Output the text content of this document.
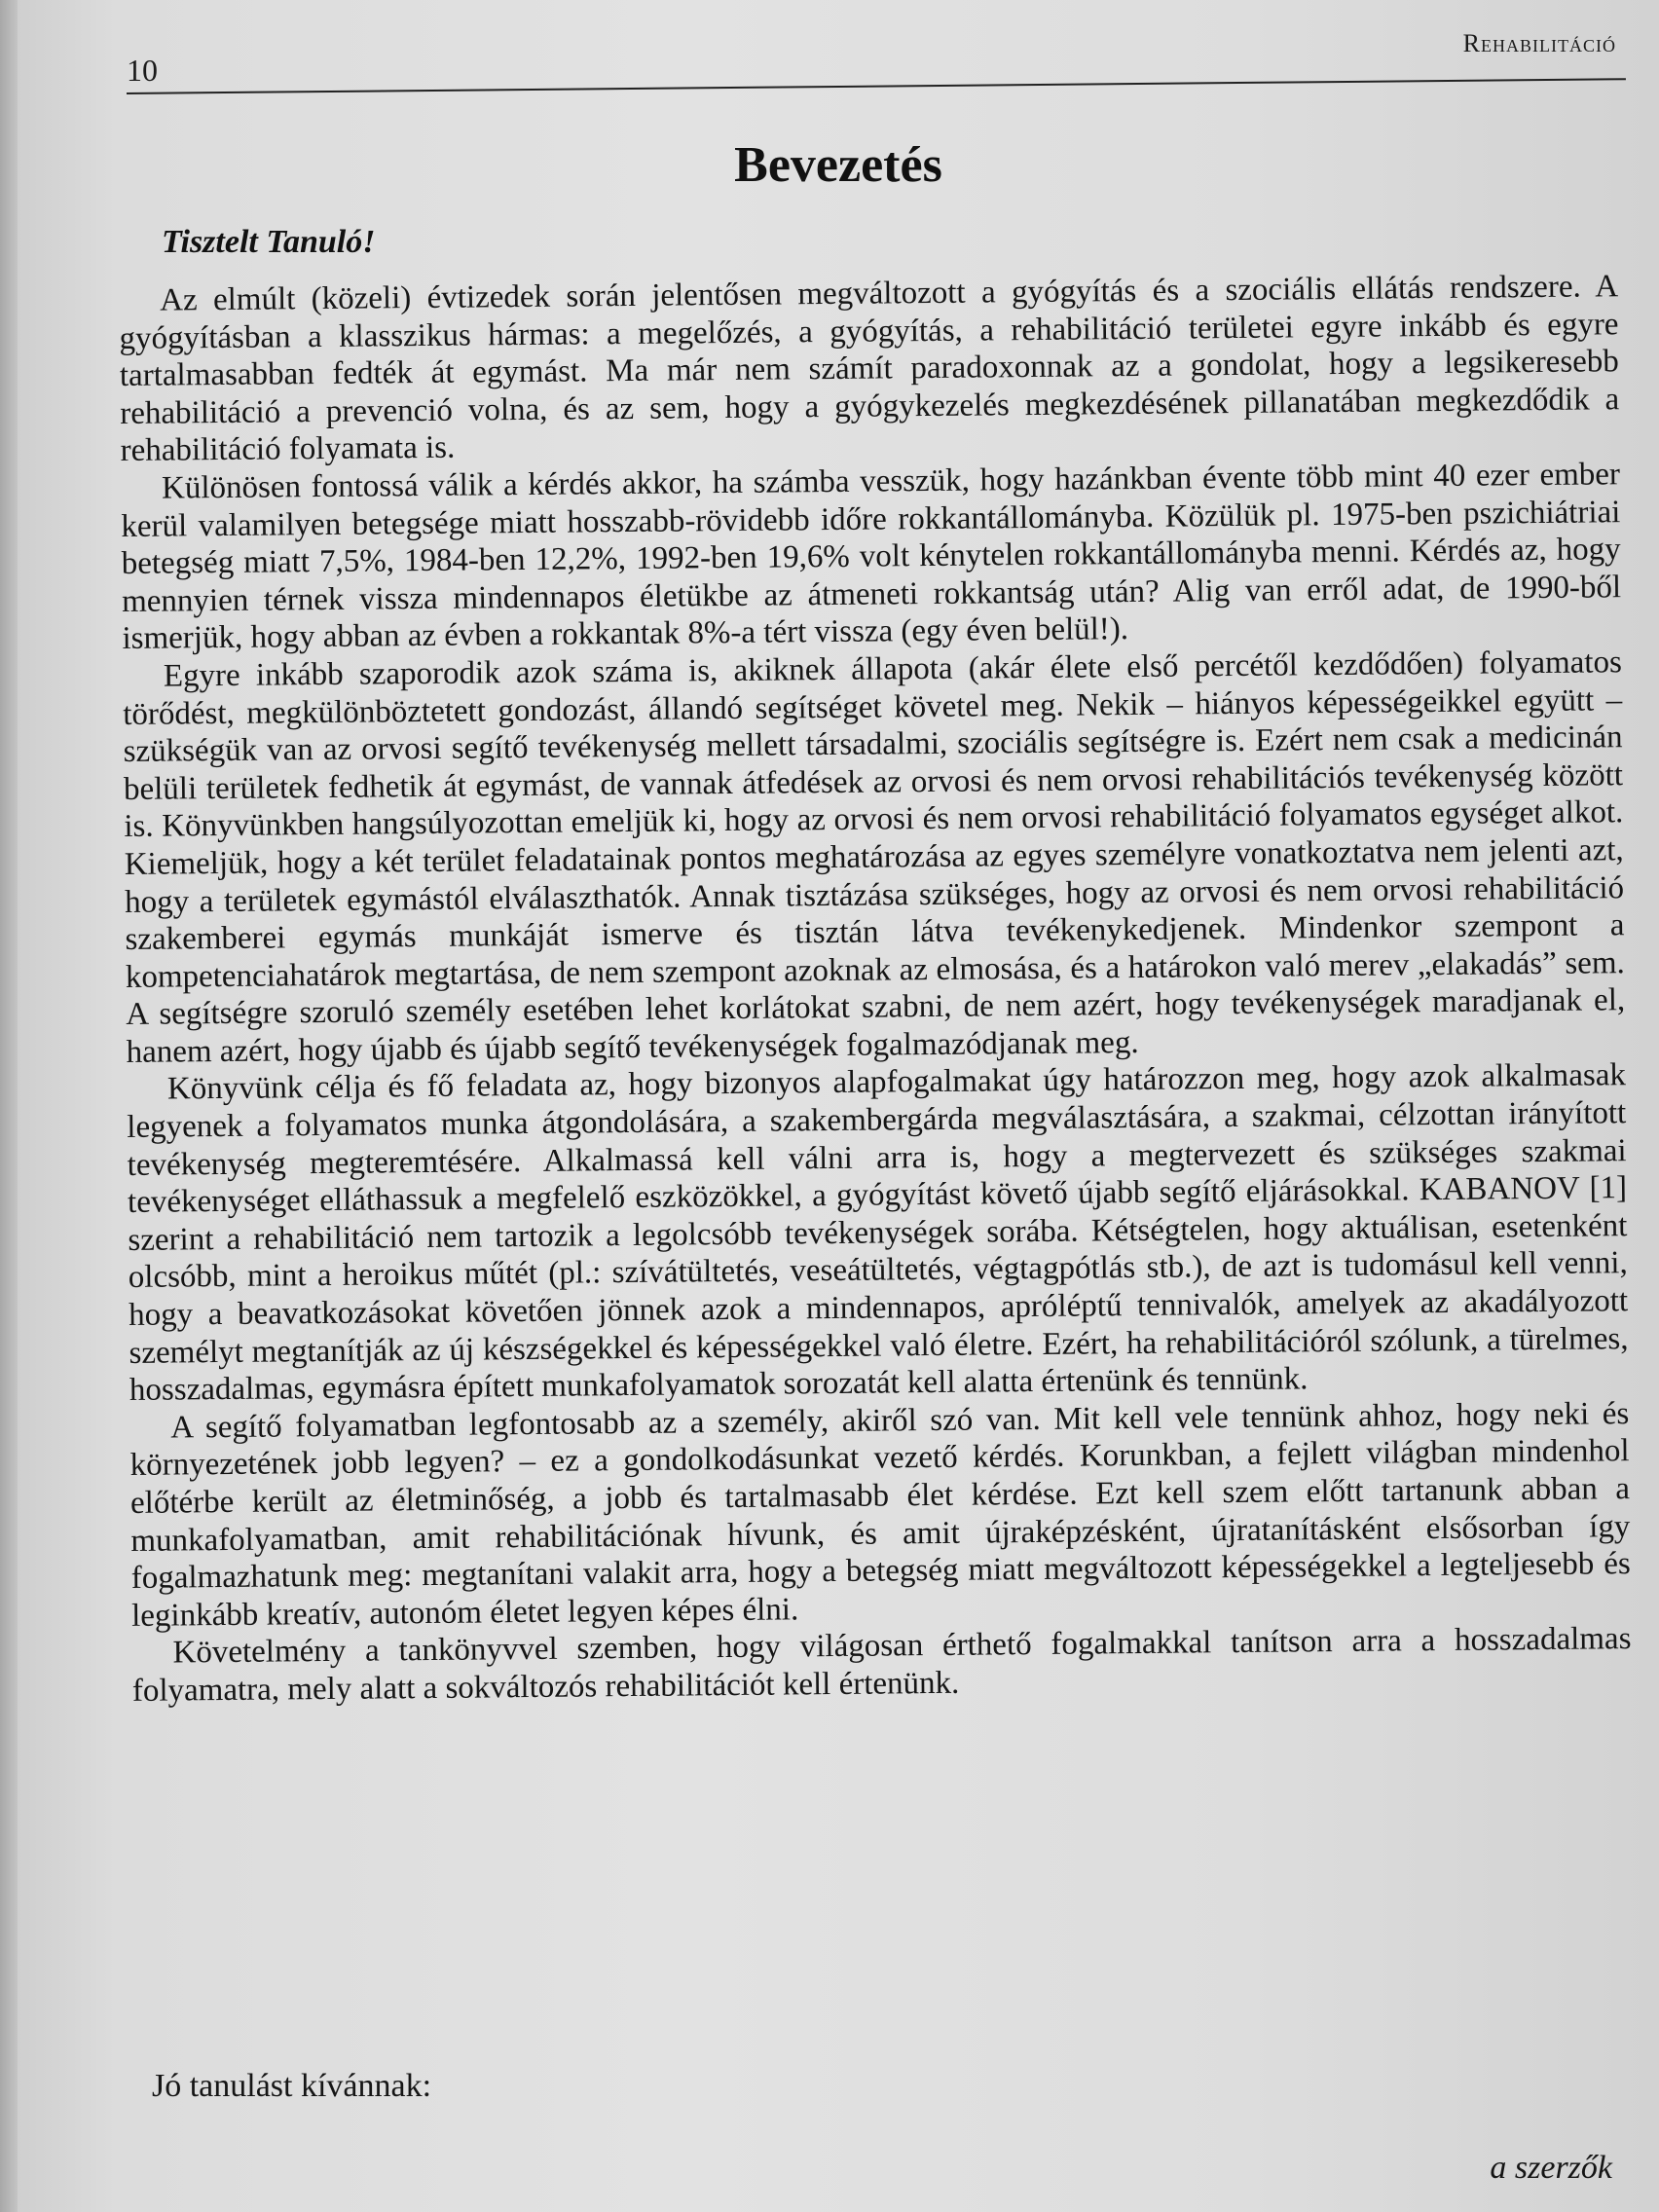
Rehabilitáció
10
Bevezetés
Tisztelt Tanuló!

Az elmúlt (közeli) évtizedek során jelentősen megváltozott a gyógyítás és a szociális ellátás rendszere. A gyógyításban a klasszikus hármas: a megelőzés, a gyógyítás, a rehabilitáció területei egyre inkább és egyre tartalmasabban fedték át egymást. Ma már nem számít paradoxonnak az a gondolat, hogy a legsikeresebb rehabilitáció a prevenció volna, és az sem, hogy a gyógykezelés megkezdésének pillanatában megkezdődik a rehabilitáció folyamata is.

Különösen fontossá válik a kérdés akkor, ha számba vesszük, hogy hazánkban évente több mint 40 ezer ember kerül valamilyen betegsége miatt hosszabb-rövidebb időre rokkantállományba. Közülük pl. 1975-ben pszichiátriai betegség miatt 7,5%, 1984-ben 12,2%, 1992-ben 19,6% volt kénytelen rokkantállományba menni. Kérdés az, hogy mennyien térnek vissza mindennapos életükbe az átmeneti rokkantság után? Alig van erről adat, de 1990-ből ismerjük, hogy abban az évben a rokkantak 8%-a tért vissza (egy éven belül!).

Egyre inkább szaporodik azok száma is, akiknek állapota (akár élete első percétől kezdődően) folyamatos törődést, megkülönböztetett gondozást, állandó segítséget követel meg. Nekik – hiányos képességeikkel együtt – szükségük van az orvosi segítő tevékenység mellett társadalmi, szociális segítségre is. Ezért nem csak a medicinán belüli területek fedhetik át egymást, de vannak átfedések az orvosi és nem orvosi rehabilitációs tevékenység között is. Könyvünkben hangsúlyozottan emeljük ki, hogy az orvosi és nem orvosi rehabilitáció folyamatos egységet alkot. Kiemeljük, hogy a két terület feladatainak pontos meghatározása az egyes személyre vonatkoztatva nem jelenti azt, hogy a területek egymástól elválaszthatók. Annak tisztázása szükséges, hogy az orvosi és nem orvosi rehabilitáció szakemberei egymás munkáját ismerve és tisztán látva tevékenykedjenek. Mindenkor szempont a kompetenciahatárok megtartása, de nem szempont azoknak az elmosása, és a határokon való merev „elakadás” sem. A segítségre szoruló személy esetében lehet korlátokat szabni, de nem azért, hogy tevékenységek maradjanak el, hanem azért, hogy újabb és újabb segítő tevékenységek fogalmazódjanak meg.

Könyvünk célja és fő feladata az, hogy bizonyos alapfogalmakat úgy határozzon meg, hogy azok alkalmasak legyenek a folyamatos munka átgondolására, a szakembergárda megválasztására, a szakmai, célzottan irányított tevékenység megteremtésére. Alkalmassá kell válni arra is, hogy a megtervezett és szükséges szakmai tevékenységet elláthassuk a megfelelő eszközökkel, a gyógyítást követő újabb segítő eljárásokkal. KABANOV [1] szerint a rehabilitáció nem tartozik a legolcsóbb tevékenységek sorába. Kétségtelen, hogy aktuálisan, esetenként olcsóbb, mint a heroikus műtét (pl.: szívátültetés, veseátültetés, végtagpótlás stb.), de azt is tudomásul kell venni, hogy a beavatkozásokat követően jönnek azok a mindennapos, apróléptű tennivalók, amelyek az akadályozott személyt megtanítják az új készségekkel és képességekkel való életre. Ezért, ha rehabilitációról szólunk, a türelmes, hosszadalmas, egymásra épített munkafolyamatok sorozatát kell alatta értenünk és tennünk.

A segítő folyamatban legfontosabb az a személy, akiről szó van. Mit kell vele tennünk ahhoz, hogy neki és környezetének jobb legyen? – ez a gondolkodásunkat vezető kérdés. Korunkban, a fejlett világban mindenhol előtérbe került az életminőség, a jobb és tartalmasabb élet kérdése. Ezt kell szem előtt tartanunk abban a munkafolyamatban, amit rehabilitációnak hívunk, és amit újraképzésként, újratanításként elsősorban így fogalmazhatunk meg: megtanítani valakit arra, hogy a betegség miatt megváltozott képességekkel a legteljesebb és leginkább kreatív, autonóm életet legyen képes élni.

Követelmény a tankönyvvel szemben, hogy világosan érthető fogalmakkal tanítson arra a hosszadalmas folyamatra, mely alatt a sokváltozós rehabilitációt kell értenünk.

Jó tanulást kívánnak:
a szerzők
